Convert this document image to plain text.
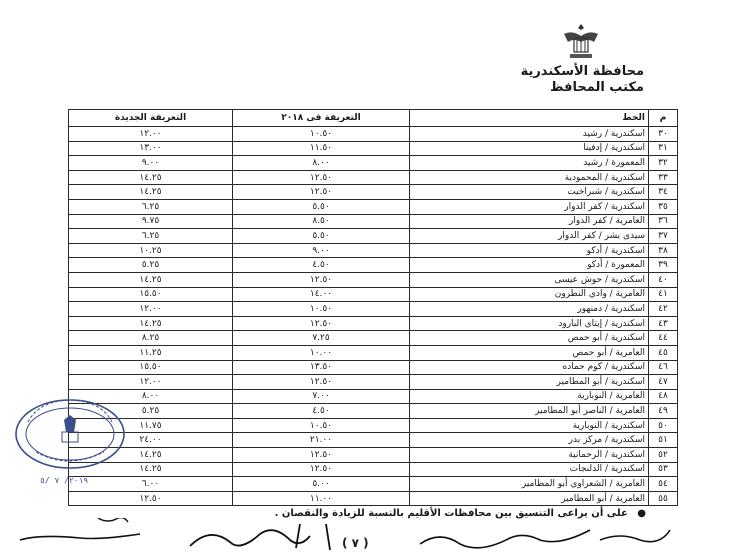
محافظة الأسكندرية
مكتب المحافظ
م	الخط	التعريفة فى ٢٠١٨	التعريفة الجديدة
٣٠	اسكندرية / رشيد	١٠.٥٠	١٢.٠٠
٣١	اسكندرية / إدفينا	١١.٥٠	١٣.٠٠
٣٢	المعمورة / رشيد	٨.٠٠	٩.٠٠
٣٣	اسكندرية / المحمودية	١٢.٥٠	١٤.٢٥
٣٤	اسكندرية / شبراخيت	١٢.٥٠	١٤.٢٥
٣٥	اسكندرية / كفر الدوار	٥.٥٠	٦.٢٥
٣٦	العامرية / كفر الدوار	٨.٥٠	٩.٧٥
٣٧	سيدى بشر / كفر الدوار	٥.٥٠	٦.٢٥
٣٨	اسكندرية / أدكو	٩.٠٠	١٠.٢٥
٣٩	المعمورة / أدكو	٤.٥٠	٥.٢٥
٤٠	اسكندرية / حوش عيسى	١٢.٥٠	١٤.٢٥
٤١	العامرية / وادي النطرون	١٤.٠٠	١٥.٥٠
٤٢	اسكندرية / دمنهور	١٠.٥٠	١٢.٠٠
٤٣	اسكندرية / إيتاي البارود	١٢.٥٠	١٤.٢٥
٤٤	اسكندرية / أبو حمص	٧.٢٥	٨.٢٥
٤٥	العامرية / أبو حمص	١٠.٠٠	١١.٢٥
٤٦	اسكندرية / كوم حماده	١٣.٥٠	١٥.٥٠
٤٧	اسكندرية / أبو المطامير	١٢.٥٠	١٢.٠٠
٤٨	العامرية / النوبارية	٧.٠٠	٨.٠٠
٤٩	العامرية / الناصر أبو المطامير	٤.٥٠	٥.٢٥
٥٠	اسكندرية / النوبارية	١٠.٥٠	١١.٧٥
٥١	اسكندرية / مركز بدر	٢١.٠٠	٢٤.٠٠
٥٢	اسكندرية / الرحمانية	١٢.٥٠	١٤.٢٥
٥٣	اسكندرية / الدلنجات	١٢.٥٠	١٤.٢٥
٥٤	العامرية / الشعراوي أبو المطامير	٥.٠٠	٦.٠٠
٥٥	العامرية / أبو المطامير	١١.٠٠	١٢.٥٠
● على أن يراعى التنسيق بين محافظات الأقليم بالنسبة للزيادة والنقصان .
٢٠١٩/ ٧ /٥
( ٧ )
